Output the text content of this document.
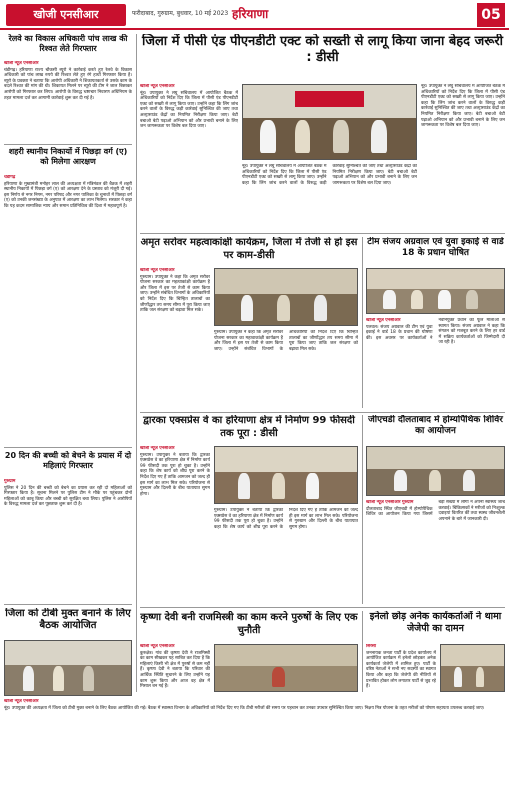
खोजी एनसीआर	फरीदाबाद, गुरुग्राम, बुधवार, 10 मई 2023 हरियाणा	05
रेलवे का विकास अधिकारी पांच लाख की रिश्वत लेते गिरफ्तार
खोजी न्यूज़ एनसीआर
चंडीगढ़। हरियाणा राज्य चौकसी ब्यूरो ने कार्रवाई करते हुए रेलवे के विकास अधिकारी को पांच लाख रुपये की रिश्वत लेते हुए रंगे हाथों गिरफ्तार किया है। ब्यूरो के प्रवक्ता ने बताया कि आरोपी अधिकारी ने शिकायतकर्ता से उसके काम के बदले रिश्वत की मांग की थी। शिकायत मिलने पर ब्यूरो की टीम ने जाल बिछाकर आरोपी को गिरफ्तार कर लिया। आरोपी के विरुद्ध भ्रष्टाचार निवारण अधिनियम के तहत मामला दर्ज कर आगामी कार्रवाई शुरू कर दी गई है।
शहरी स्थानीय निकायों में पिछड़ा वर्ग (ए) को मिलेगा आरक्षण
चंडीगढ़
हरियाणा के मुख्यमंत्री मनोहर लाल की अध्यक्षता में मंत्रिमंडल की बैठक में शहरी स्थानीय निकायों में पिछड़ा वर्ग (ए) को आरक्षण देने के प्रस्ताव को मंजूरी दी गई। इस निर्णय से नगर निगम, नगर परिषद और नगर पालिका के चुनावों में पिछड़ा वर्ग (ए) को उनकी जनसंख्या के अनुपात में आरक्षण का लाभ मिलेगा। सरकार ने कहा कि यह कदम सामाजिक न्याय और समान प्रतिनिधित्व की दिशा में महत्वपूर्ण है।
20 दिन की बच्ची को बेचने के प्रयास में दो महिलाएं गिरफ्तार
गुरुग्राम
पुलिस ने 20 दिन की बच्ची को बेचने का प्रयास कर रही दो महिलाओं को गिरफ्तार किया है। सूचना मिलने पर पुलिस टीम ने मौके पर पहुंचकर दोनों महिलाओं को काबू किया और बच्ची को सुरक्षित बचा लिया। पुलिस ने आरोपियों के विरुद्ध मामला दर्ज कर पूछताछ शुरू कर दी है।
जिला को टीबी मुक्त बनाने के लिए बैठक आयोजित
खोजी न्यूज़ एनसीआर
नूंह। उपायुक्त की अध्यक्षता में जिला को टीबी मुक्त बनाने के लिए बैठक आयोजित की गई। बैठक में स्वास्थ्य विभाग के अधिकारियों को निर्देश दिए गए कि टीबी मरीजों की समय पर पहचान कर उनका उपचार सुनिश्चित किया जाए। निक्षय मित्र योजना के तहत मरीजों को पोषण सहायता उपलब्ध करवाई जाए।
जिला में पीसी एंड पीएनडीटी एक्ट को सख्ती से लागू किया जाना बेहद जरूरी : डीसी
खोजी न्यूज़ एनसीआर
नूंह। उपायुक्त ने लघु सचिवालय में आयोजित बैठक में अधिकारियों को निर्देश दिए कि जिला में पीसी एंड पीएनडीटी एक्ट को सख्ती से लागू किया जाए। उन्होंने कहा कि लिंग जांच करने वालों के विरुद्ध कड़ी कार्रवाई सुनिश्चित की जाए तथा अल्ट्रासाउंड केंद्रों का नियमित निरीक्षण किया जाए। बेटी बचाओ बेटी पढ़ाओ अभियान को और प्रभावी बनाने के लिए जन जागरूकता पर विशेष बल दिया जाए।
नूंह। उपायुक्त ने लघु सचिवालय में आयोजित बैठक में अधिकारियों को निर्देश दिए कि जिला में पीसी एंड पीएनडीटी एक्ट को सख्ती से लागू किया जाए। उन्होंने कहा कि लिंग जांच करने वालों के विरुद्ध कड़ी कार्रवाई सुनिश्चित की जाए तथा अल्ट्रासाउंड केंद्रों का नियमित निरीक्षण किया जाए। बेटी बचाओ बेटी पढ़ाओ अभियान को और प्रभावी बनाने के लिए जन जागरूकता पर विशेष बल दिया जाए।
नूंह। उपायुक्त ने लघु सचिवालय में आयोजित बैठक में अधिकारियों को निर्देश दिए कि जिला में पीसी एंड पीएनडीटी एक्ट को सख्ती से लागू किया जाए। उन्होंने कहा कि लिंग जांच करने वालों के विरुद्ध कड़ी कार्रवाई सुनिश्चित की जाए तथा अल्ट्रासाउंड केंद्रों का नियमित निरीक्षण किया जाए। बेटी बचाओ बेटी पढ़ाओ अभियान को और प्रभावी बनाने के लिए जन जागरूकता पर विशेष बल दिया जाए।
अमृत सरोवर महत्वाकांक्षी कार्यक्रम, जिला में तेजी से हो इस पर काम-डीसी
खोजी न्यूज़ एनसीआर
गुरुग्राम। उपायुक्त ने कहा कि अमृत सरोवर योजना सरकार का महत्वाकांक्षी कार्यक्रम है और जिला में इस पर तेजी से काम किया जाए। उन्होंने संबंधित विभागों के अधिकारियों को निर्देश दिए कि चिन्हित तालाबों का जीर्णोद्धार तय समय सीमा में पूरा किया जाए ताकि जल संरक्षण को बढ़ावा मिल सके।
गुरुग्राम। उपायुक्त ने कहा कि अमृत सरोवर योजना सरकार का महत्वाकांक्षी कार्यक्रम है और जिला में इस पर तेजी से काम किया जाए। उन्होंने संबंधित विभागों के अधिकारियों को निर्देश दिए कि चिन्हित तालाबों का जीर्णोद्धार तय समय सीमा में पूरा किया जाए ताकि जल संरक्षण को बढ़ावा मिल सके।
टीम संजय अग्रवाल एवं युवा इकाई से वार्ड 18 के प्रधान घोषित
खोजी न्यूज़ एनसीआर
पलवल। संजय अग्रवाल की टीम एवं युवा इकाई ने वार्ड 18 के प्रधान की घोषणा की। इस अवसर पर कार्यकर्ताओं ने नवनियुक्त प्रधान का फूल मालाओं से स्वागत किया। संजय अग्रवाल ने कहा कि संगठन को मजबूत करने के लिए हर वार्ड में सक्रिय कार्यकर्ताओं को जिम्मेदारी दी जा रही है।
द्वारका एक्सप्रेस वे का हरियाणा क्षेत्र में निर्माण 99 फीसदी तक पूरा : डीसी
खोजी न्यूज़ एनसीआर
गुरुग्राम। उपायुक्त ने बताया कि द्वारका एक्सप्रेस वे का हरियाणा क्षेत्र में निर्माण कार्य 99 फीसदी तक पूरा हो चुका है। उन्होंने कहा कि शेष कार्य को शीघ्र पूरा करने के निर्देश दिए गए हैं ताकि आमजन को जल्द ही इस मार्ग का लाभ मिल सके। परियोजना से गुरुग्राम और दिल्ली के बीच यातायात सुगम होगा।
गुरुग्राम। उपायुक्त ने बताया कि द्वारका एक्सप्रेस वे का हरियाणा क्षेत्र में निर्माण कार्य 99 फीसदी तक पूरा हो चुका है। उन्होंने कहा कि शेष कार्य को शीघ्र पूरा करने के निर्देश दिए गए हैं ताकि आमजन को जल्द ही इस मार्ग का लाभ मिल सके। परियोजना से गुरुग्राम और दिल्ली के बीच यातायात सुगम होगा।
जीएचडी दौलताबाद में होम्योपैथिक शिविर का आयोजन
खोजी न्यूज़ एनसीआर गुरुग्राम
दौलताबाद स्थित जीएचडी में होम्योपैथिक शिविर का आयोजन किया गया जिसमें बड़ी संख्या में लोगों ने अपनी स्वास्थ्य जांच करवाई। चिकित्सकों ने मरीजों को निःशुल्क दवाइयां वितरित कीं तथा स्वस्थ जीवनशैली अपनाने के बारे में जानकारी दी।
कृष्णा देवी बनी राजमिस्त्री का काम करने पुरुषों के लिए एक चुनौती
खोजी न्यूज़ एनसीआर
कुरुक्षेत्र। गांव की कृष्णा देवी ने राजमिस्त्री का काम सीखकर यह साबित कर दिया है कि महिलाएं किसी भी क्षेत्र में पुरुषों से कम नहीं हैं। कृष्णा देवी ने बताया कि परिवार की आर्थिक स्थिति सुधारने के लिए उन्होंने यह काम शुरू किया और आज वह क्षेत्र में मिसाल बन गई हैं।
इनेलो छोड़ अनेक कार्यकर्ताओं ने थामा जेजेपी का दामन
सिरसा
जननायक जनता पार्टी के प्रदेश कार्यालय में आयोजित कार्यक्रम में इनेलो छोड़कर अनेक कार्यकर्ता जेजेपी में शामिल हुए। पार्टी के वरिष्ठ नेताओं ने सभी नए सदस्यों का स्वागत किया और कहा कि जेजेपी की नीतियों से प्रभावित होकर लोग लगातार पार्टी से जुड़ रहे हैं।
